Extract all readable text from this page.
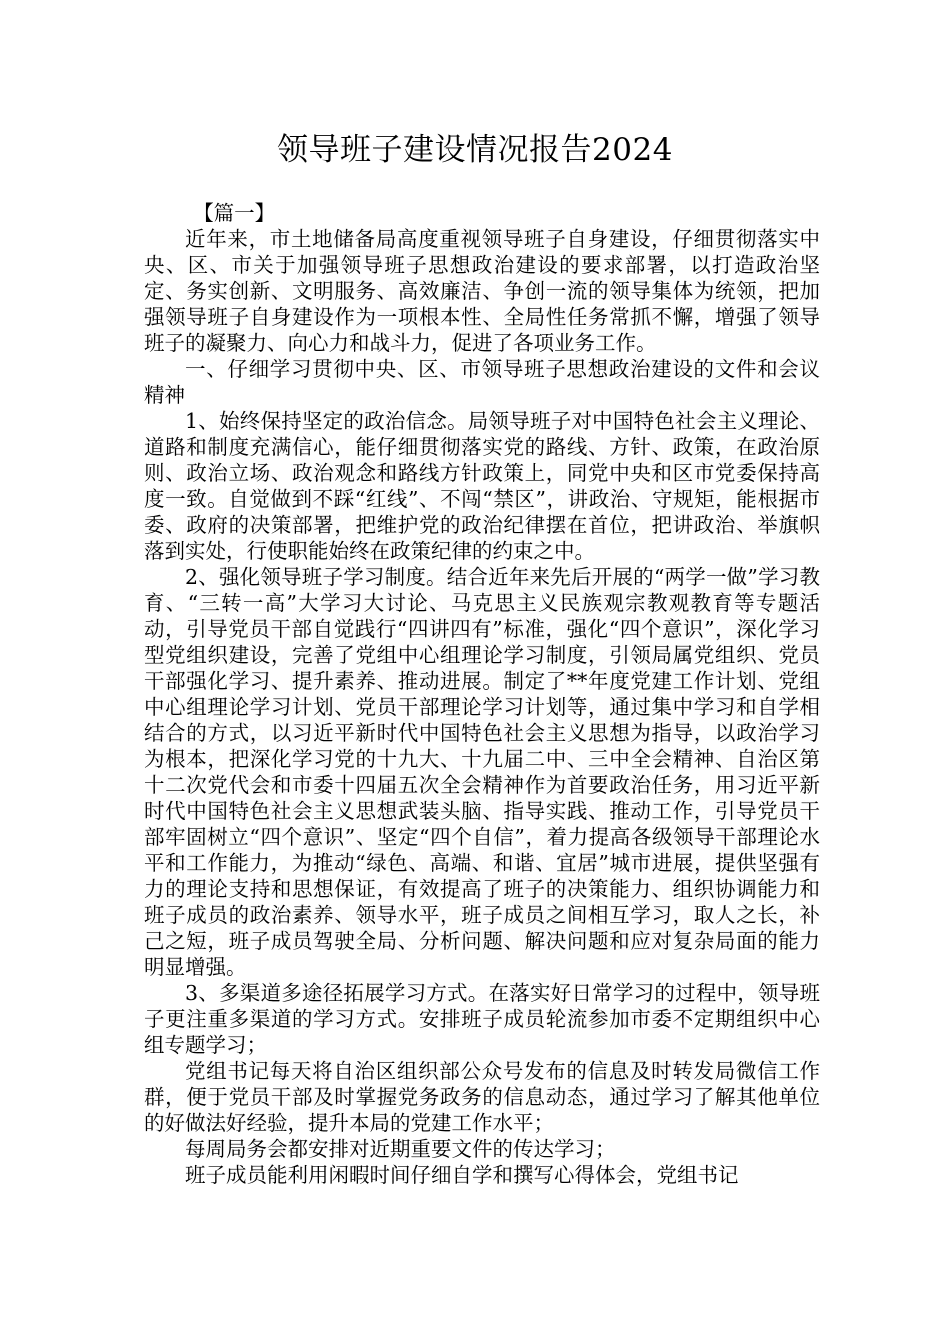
领导班子建设情况报告2024

【篇一】

近年来，市土地储备局高度重视领导班子自身建设，仔细贯彻落实中央、区、市关于加强领导班子思想政治建设的要求部署，以打造政治坚定、务实创新、文明服务、高效廉洁、争创一流的领导集体为统领，把加强领导班子自身建设作为一项根本性、全局性任务常抓不懈，增强了领导班子的凝聚力、向心力和战斗力，促进了各项业务工作。

一、仔细学习贯彻中央、区、市领导班子思想政治建设的文件和会议精神

1、始终保持坚定的政治信念。局领导班子对中国特色社会主义理论、道路和制度充满信心，能仔细贯彻落实党的路线、方针、政策，在政治原则、政治立场、政治观念和路线方针政策上，同党中央和区市党委保持高度一致。自觉做到不踩“红线”、不闯“禁区”，讲政治、守规矩，能根据市委、政府的决策部署，把维护党的政治纪律摆在首位，把讲政治、举旗帜落到实处，行使职能始终在政策纪律的约束之中。

2、强化领导班子学习制度。结合近年来先后开展的“两学一做”学习教育、“三转一高”大学习大讨论、马克思主义民族观宗教观教育等专题活动，引导党员干部自觉践行“四讲四有”标准，强化“四个意识”，深化学习型党组织建设，完善了党组中心组理论学习制度，引领局属党组织、党员干部强化学习、提升素养、推动进展。制定了**年度党建工作计划、党组中心组理论学习计划、党员干部理论学习计划等，通过集中学习和自学相结合的方式，以习近平新时代中国特色社会主义思想为指导，以政治学习为根本，把深化学习党的十九大、十九届二中、三中全会精神、自治区第十二次党代会和市委十四届五次全会精神作为首要政治任务，用习近平新时代中国特色社会主义思想武装头脑、指导实践、推动工作，引导党员干部牢固树立“四个意识”、坚定“四个自信”，着力提高各级领导干部理论水平和工作能力，为推动“绿色、高端、和谐、宜居”城市进展，提供坚强有力的理论支持和思想保证，有效提高了班子的决策能力、组织协调能力和班子成员的政治素养、领导水平，班子成员之间相互学习，取人之长，补己之短，班子成员驾驶全局、分析问题、解决问题和应对复杂局面的能力明显增强。

3、多渠道多途径拓展学习方式。在落实好日常学习的过程中，领导班子更注重多渠道的学习方式。安排班子成员轮流参加市委不定期组织中心组专题学习；

党组书记每天将自治区组织部公众号发布的信息及时转发局微信工作群，便于党员干部及时掌握党务政务的信息动态，通过学习了解其他单位的好做法好经验，提升本局的党建工作水平；

每周局务会都安排对近期重要文件的传达学习；

班子成员能利用闲暇时间仔细自学和撰写心得体会，党组书记
